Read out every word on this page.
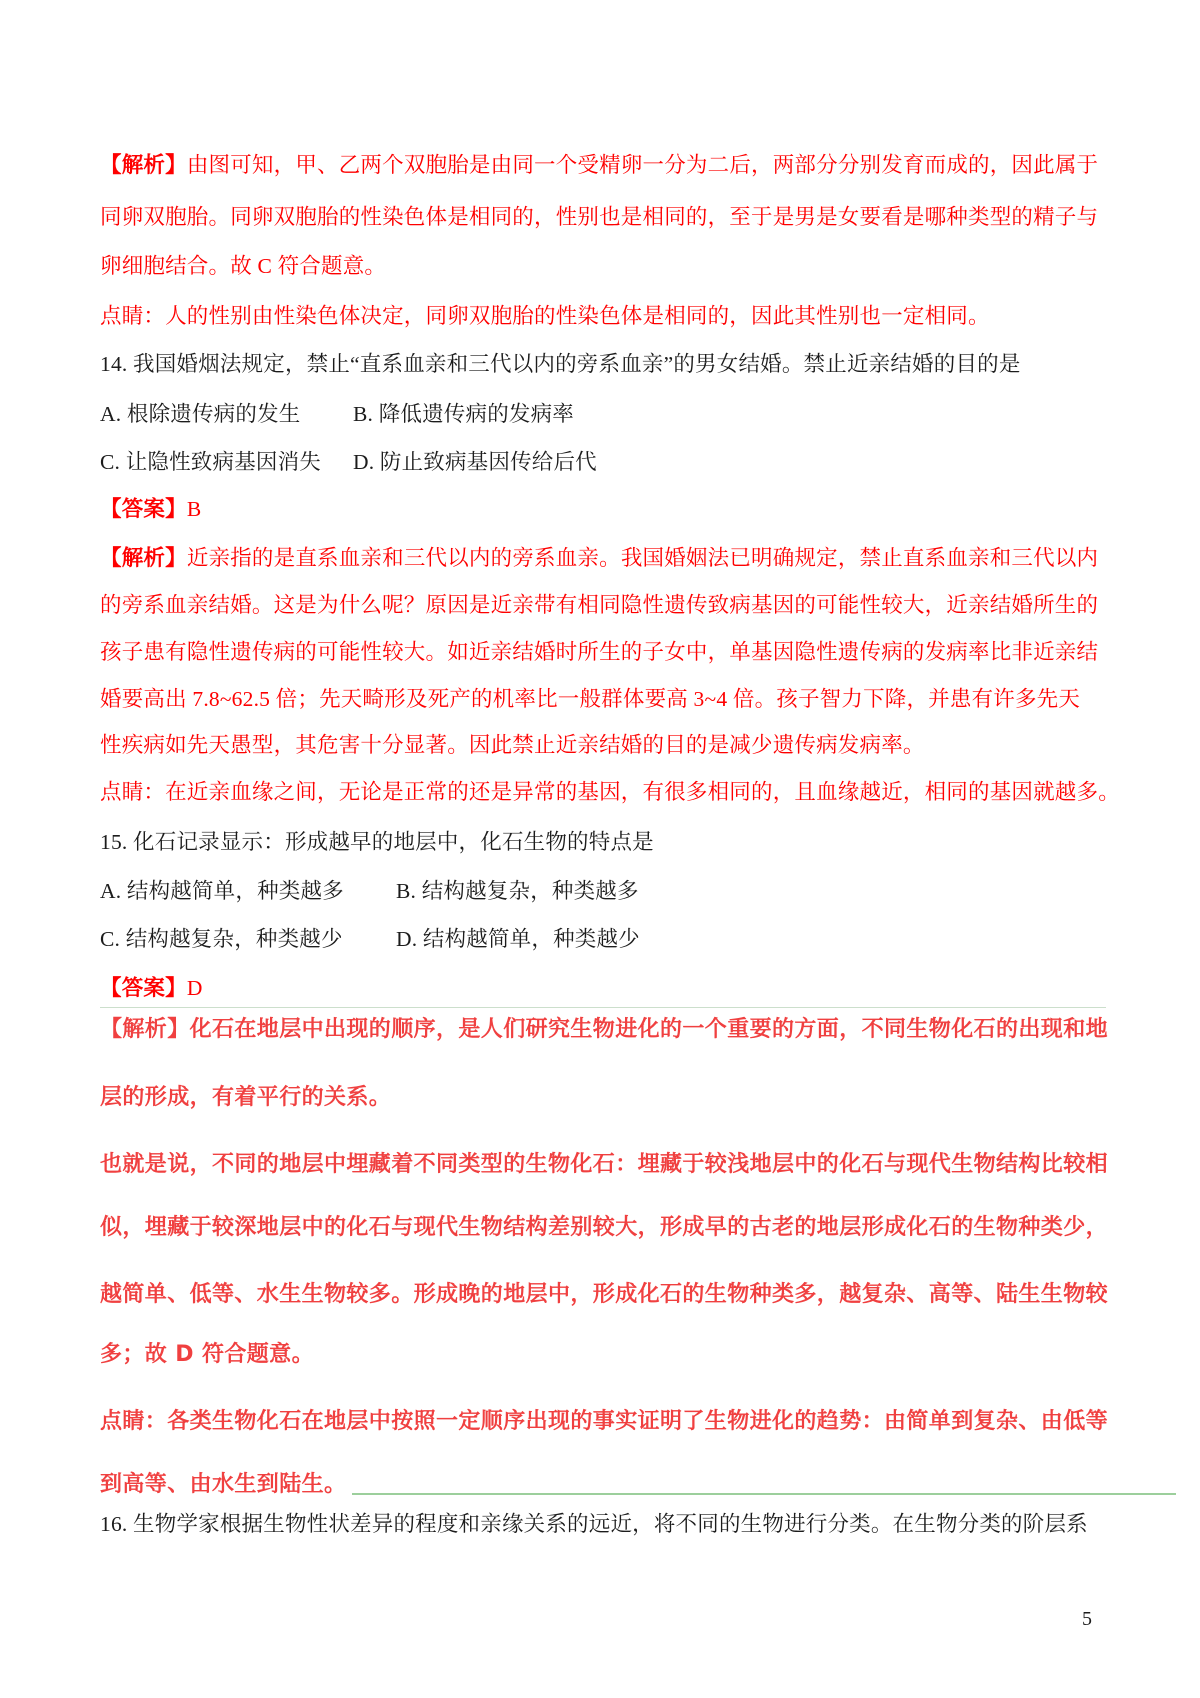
【解析】由图可知，甲、乙两个双胞胎是由同一个受精卵一分为二后，两部分分别发育而成的，因此属于

同卵双胞胎。同卵双胞胎的性染色体是相同的，性别也是相同的，至于是男是女要看是哪种类型的精子与

卵细胞结合。故 C 符合题意。

点睛：人的性别由性染色体决定，同卵双胞胎的性染色体是相同的，因此其性别也一定相同。

14. 我国婚烟法规定，禁止“直系血亲和三代以内的旁系血亲”的男女结婚。禁止近亲结婚的目的是

A. 根除遗传病的发生 B. 降低遗传病的发病率

C. 让隐性致病基因消失 D. 防止致病基因传给后代

【答案】B

【解析】近亲指的是直系血亲和三代以内的旁系血亲。我国婚姻法已明确规定，禁止直系血亲和三代以内

的旁系血亲结婚。这是为什么呢？原因是近亲带有相同隐性遗传致病基因的可能性较大，近亲结婚所生的

孩子患有隐性遗传病的可能性较大。如近亲结婚时所生的子女中，单基因隐性遗传病的发病率比非近亲结

婚要高出 7.8~62.5 倍；先天畸形及死产的机率比一般群体要高 3~4 倍。孩子智力下降，并患有许多先天

性疾病如先天愚型，其危害十分显著。因此禁止近亲结婚的目的是减少遗传病发病率。

点睛：在近亲血缘之间，无论是正常的还是异常的基因，有很多相同的，且血缘越近，相同的基因就越多。

15. 化石记录显示：形成越早的地层中，化石生物的特点是

A. 结构越简单，种类越多 B. 结构越复杂，种类越多

C. 结构越复杂，种类越少 D. 结构越简单，种类越少

【答案】D

【解析】化石在地层中出现的顺序，是人们研究生物进化的一个重要的方面，不同生物化石的出现和地

层的形成，有着平行的关系。

也就是说，不同的地层中埋藏着不同类型的生物化石：埋藏于较浅地层中的化石与现代生物结构比较相

似，埋藏于较深地层中的化石与现代生物结构差别较大，形成早的古老的地层形成化石的生物种类少，

越简单、低等、水生生物较多。形成晚的地层中，形成化石的生物种类多，越复杂、高等、陆生生物较

多；故 D 符合题意。

点睛：各类生物化石在地层中按照一定顺序出现的事实证明了生物进化的趋势：由简单到复杂、由低等

到高等、由水生到陆生。

16. 生物学家根据生物性状差异的程度和亲缘关系的远近，将不同的生物进行分类。在生物分类的阶层系

5
